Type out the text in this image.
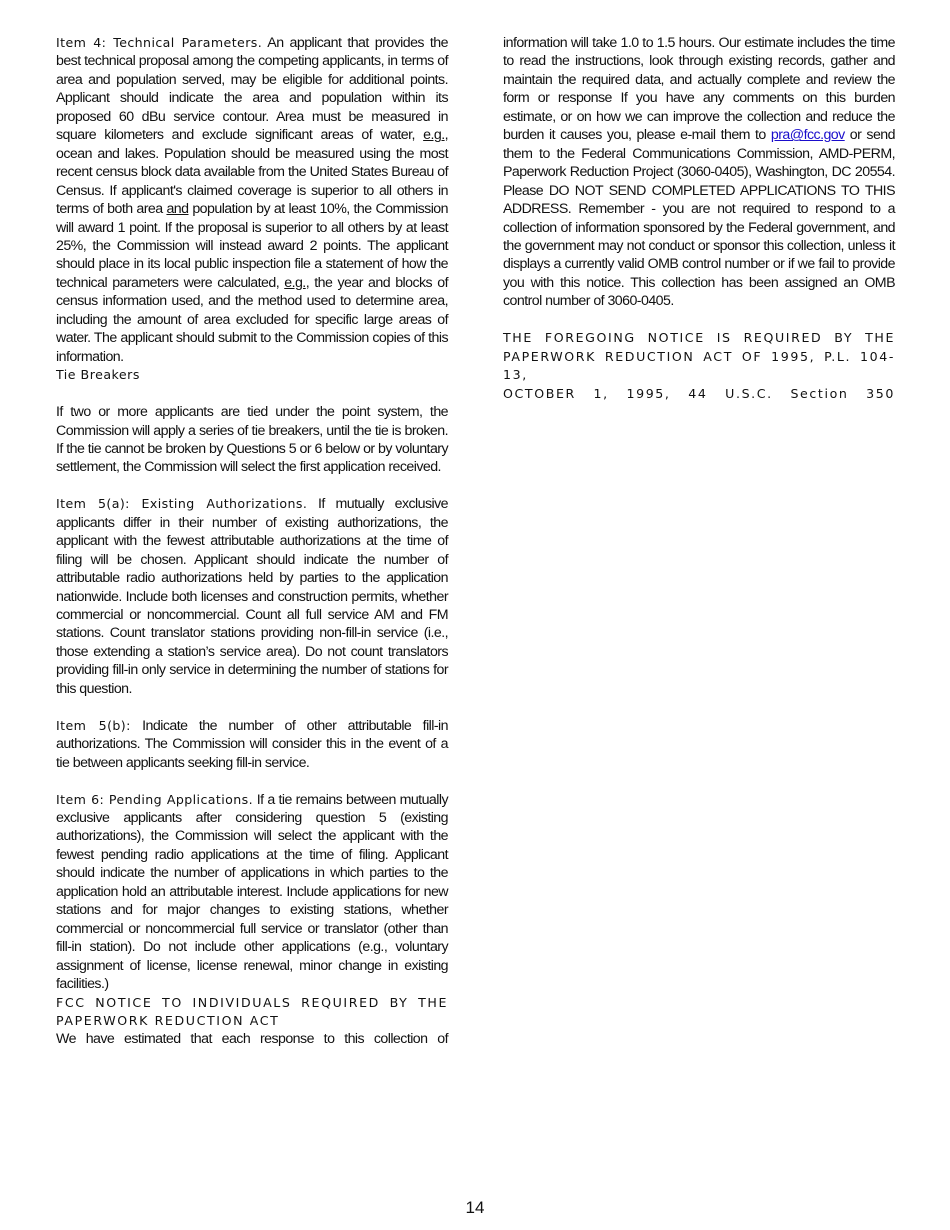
Item 4: Technical Parameters. An applicant that provides the best technical proposal among the competing applicants, in terms of area and population served, may be eligible for additional points. Applicant should indicate the area and population within its proposed 60 dBu service contour. Area must be measured in square kilometers and exclude significant areas of water, e.g., ocean and lakes. Population should be measured using the most recent census block data available from the United States Bureau of Census. If applicant's claimed coverage is superior to all others in terms of both area and population by at least 10%, the Commission will award 1 point. If the proposal is superior to all others by at least 25%, the Commission will instead award 2 points. The applicant should place in its local public inspection file a statement of how the technical parameters were calculated, e.g., the year and blocks of census information used, and the method used to determine area, including the amount of area excluded for specific large areas of water. The applicant should submit to the Commission copies of this information.

Tie Breakers

If two or more applicants are tied under the point system, the Commission will apply a series of tie breakers, until the tie is broken. If the tie cannot be broken by Questions 5 or 6 below or by voluntary settlement, the Commission will select the first application received.

Item 5(a): Existing Authorizations. If mutually exclusive applicants differ in their number of existing authorizations, the applicant with the fewest attributable authorizations at the time of filing will be chosen. Applicant should indicate the number of attributable radio authorizations held by parties to the application nationwide. Include both licenses and construction permits, whether commercial or noncommercial. Count all full service AM and FM stations. Count translator stations providing non-fill-in service (i.e., those extending a station’s service area). Do not count translators providing fill-in only service in determining the number of stations for this question.

Item 5(b): Indicate the number of other attributable fill-in authorizations. The Commission will consider this in the event of a tie between applicants seeking fill-in service.

Item 6: Pending Applications. If a tie remains between mutually exclusive applicants after considering question 5 (existing authorizations), the Commission will select the applicant with the fewest pending radio applications at the time of filing. Applicant should indicate the number of applications in which parties to the application hold an attributable interest. Include applications for new stations and for major changes to existing stations, whether commercial or noncommercial full service or translator (other than fill-in station). Do not include other applications (e.g., voluntary assignment of license, license renewal, minor change in existing facilities.)

FCC NOTICE TO INDIVIDUALS REQUIRED BY THE

PAPERWORK REDUCTION ACT

We have estimated that each response to this collection of

information will take 1.0 to 1.5 hours. Our estimate includes the time to read the instructions, look through existing records, gather and maintain the required data, and actually complete and review the form or response If you have any comments on this burden estimate, or on how we can improve the collection and reduce the burden it causes you, please e-mail them to pra@fcc.gov or send them to the Federal Communications Commission, AMD-PERM, Paperwork Reduction Project (3060-0405), Washington, DC 20554. Please DO NOT SEND COMPLETED APPLICATIONS TO THIS ADDRESS. Remember - you are not required to respond to a collection of information sponsored by the Federal government, and the government may not conduct or sponsor this collection, unless it displays a currently valid OMB control number or if we fail to provide you with this notice. This collection has been assigned an OMB control number of 3060-0405.

THE FOREGOING NOTICE IS REQUIRED BY THE

PAPERWORK REDUCTION ACT OF 1995, P.L. 104-13,

OCTOBER 1, 1995, 44 U.S.C. Section 350

14
